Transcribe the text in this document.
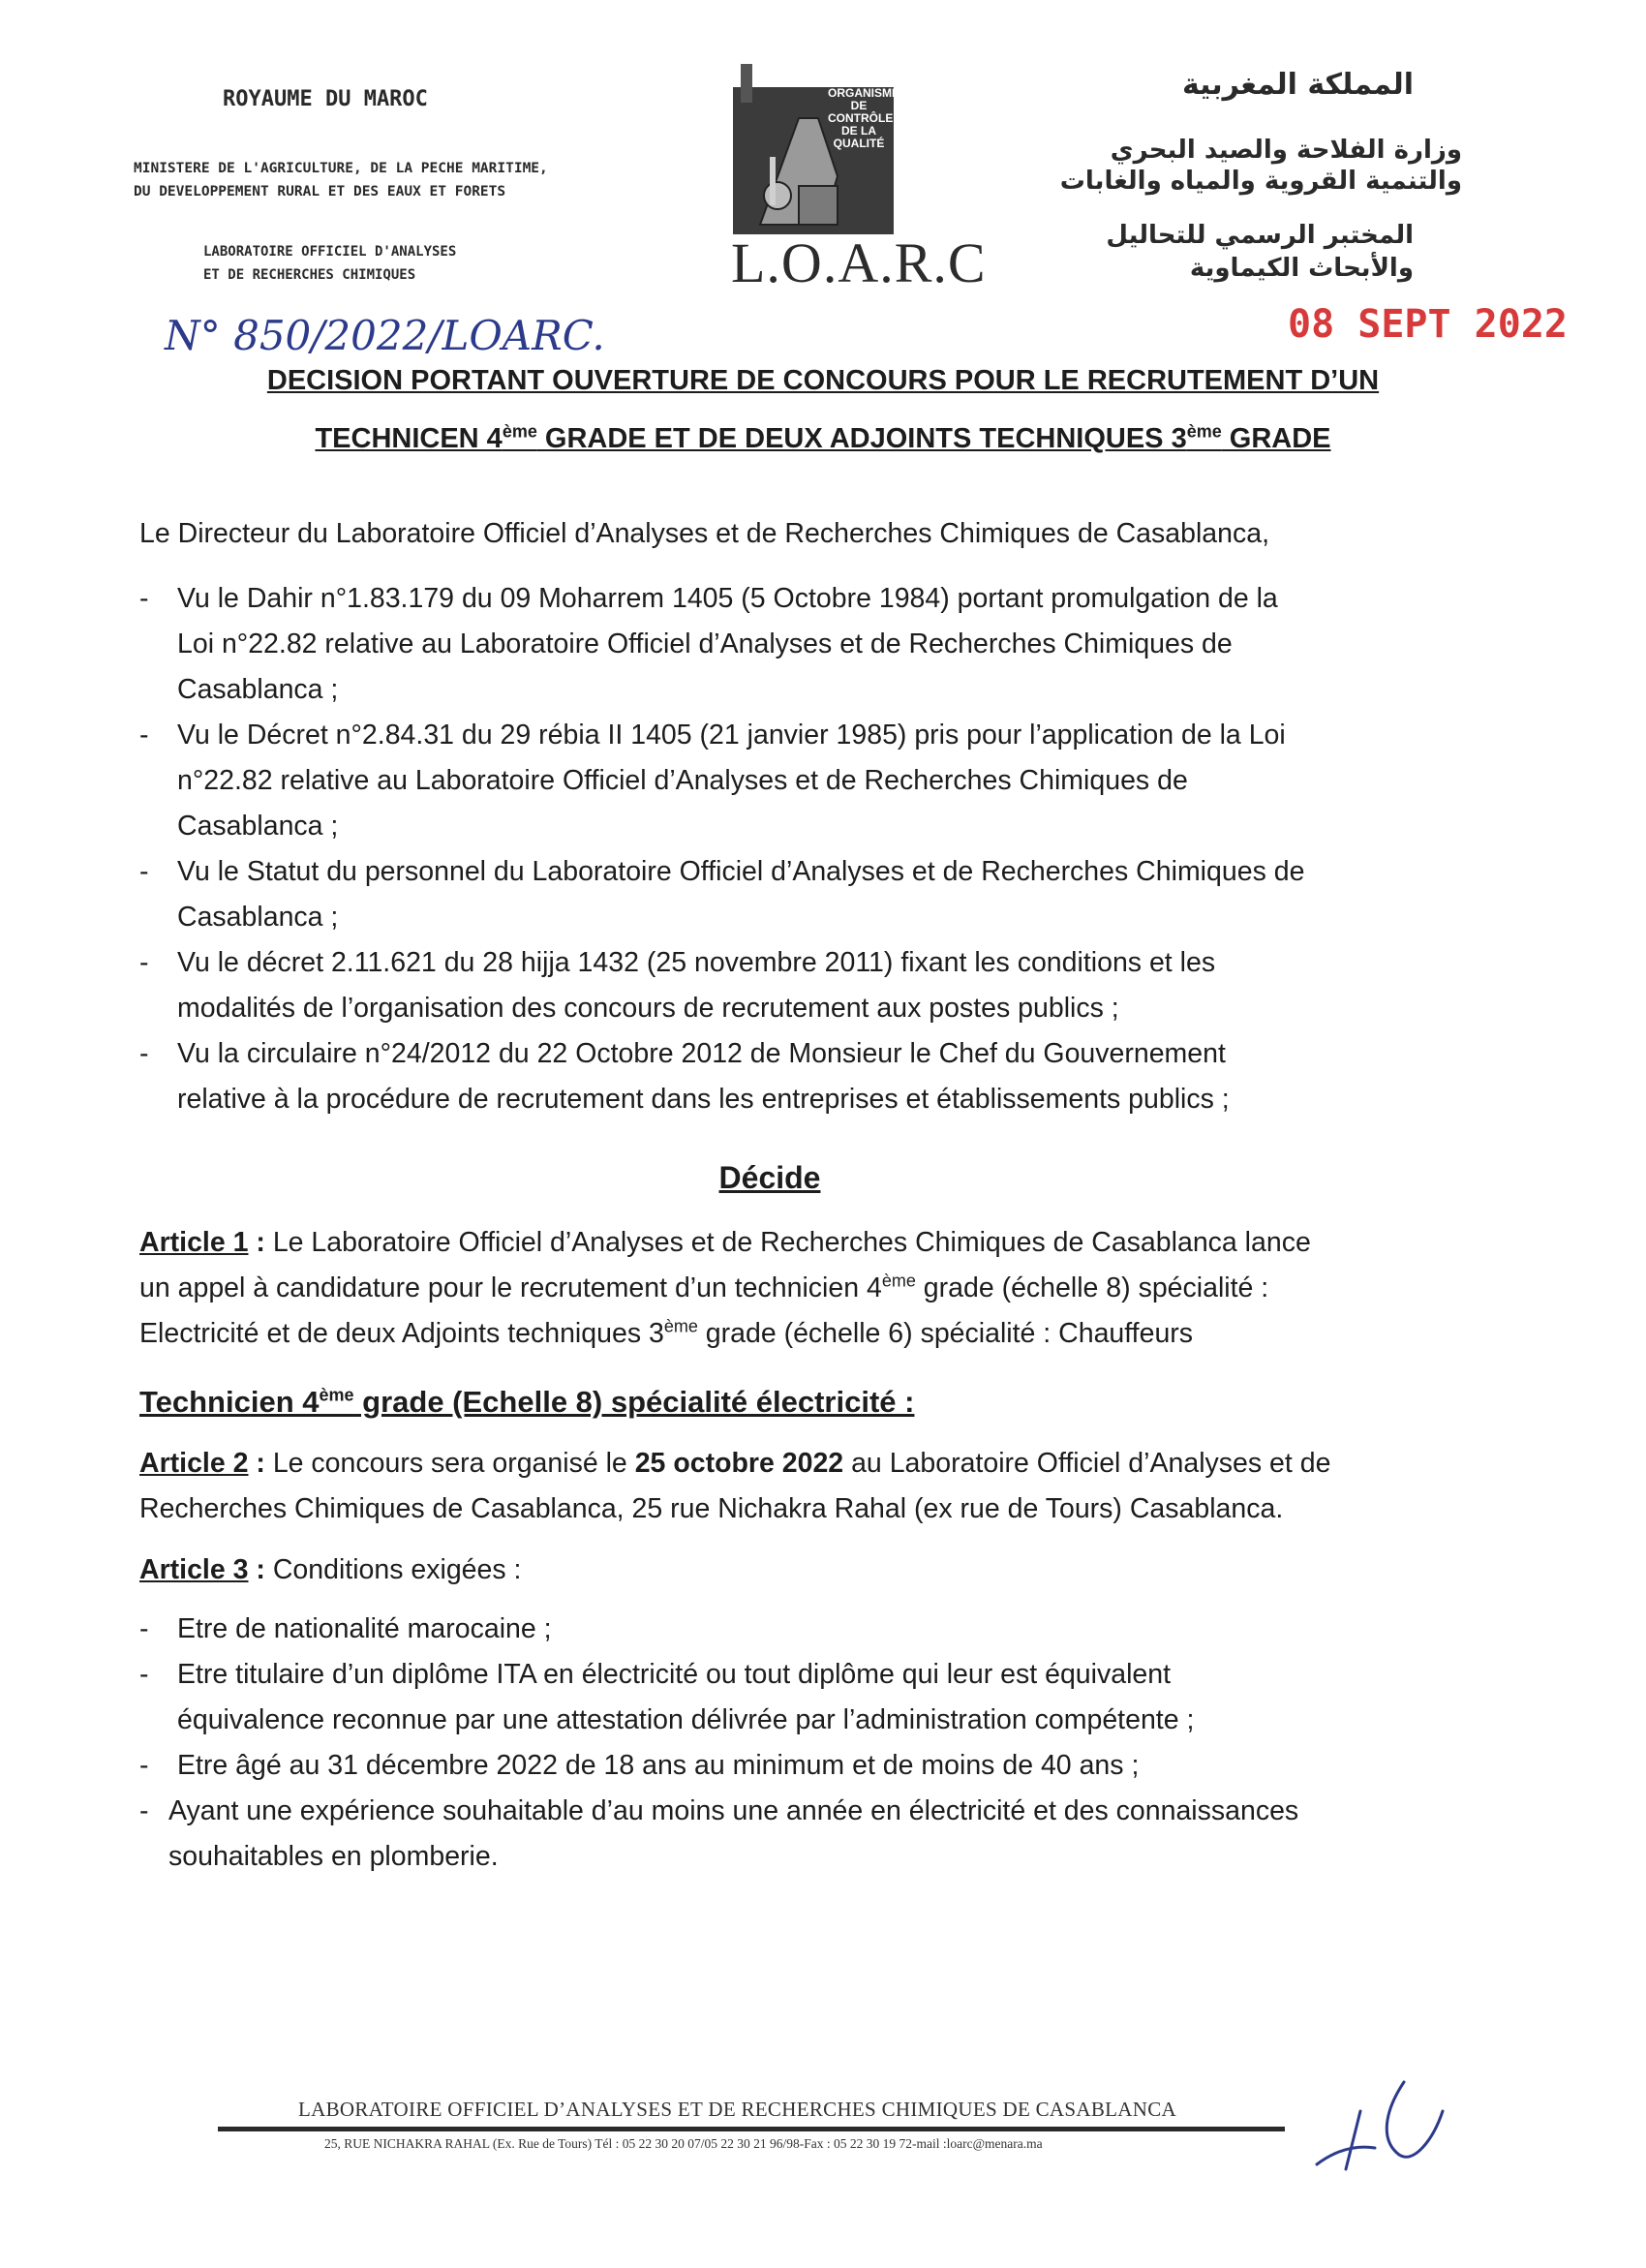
ROYAUME DU MAROC
MINISTERE DE L'AGRICULTURE, DE LA PECHE MARITIME,
DU DEVELOPPEMENT RURAL ET DES EAUX ET FORETS
LABORATOIRE OFFICIEL D'ANALYSES
ET DE RECHERCHES CHIMIQUES
ORGANISME DE CONTRÔLE DE LA QUALITÉ
L.O.A.R.C
المملكة المغربية
وزارة الفلاحة والصيد البحري
والتنمية القروية والمياه والغابات
المختبر الرسمي للتحاليل
والأبحاث الكيماوية
N° 850/2022/LOARC.	08 SEPT 2022
DECISION PORTANT OUVERTURE DE CONCOURS POUR LE RECRUTEMENT D’UN
TECHNICEN 4ème GRADE ET DE DEUX ADJOINTS TECHNIQUES 3ème GRADE
Le Directeur du Laboratoire Officiel d’Analyses et de Recherches Chimiques de Casablanca,
- Vu le Dahir n°1.83.179 du 09 Moharrem 1405 (5 Octobre 1984) portant promulgation de la
Loi n°22.82 relative au Laboratoire Officiel d’Analyses et de Recherches Chimiques de
Casablanca ;
- Vu le Décret n°2.84.31 du 29 rébia II 1405 (21 janvier 1985) pris pour l’application de la Loi
n°22.82 relative au Laboratoire Officiel d’Analyses et de Recherches Chimiques de
Casablanca ;
- Vu le Statut du personnel du Laboratoire Officiel d’Analyses et de Recherches Chimiques de
Casablanca ;
- Vu le décret 2.11.621 du 28 hijja 1432 (25 novembre 2011) fixant les conditions et les
modalités de l’organisation des concours de recrutement aux postes publics ;
- Vu la circulaire n°24/2012 du 22 Octobre 2012 de Monsieur le Chef du Gouvernement
relative à la procédure de recrutement dans les entreprises et établissements publics ;
Décide
Article 1 : Le Laboratoire Officiel d’Analyses et de Recherches Chimiques de Casablanca lance
un appel à candidature pour le recrutement d’un technicien 4ème grade (échelle 8) spécialité :
Electricité et de deux Adjoints techniques 3ème grade (échelle 6) spécialité : Chauffeurs
Technicien 4ème grade (Echelle 8) spécialité électricité :
Article 2 : Le concours sera organisé le 25 octobre 2022 au Laboratoire Officiel d’Analyses et de
Recherches Chimiques de Casablanca, 25 rue Nichakra Rahal (ex rue de Tours) Casablanca.
Article 3 : Conditions exigées :
- Etre de nationalité marocaine ;
- Etre titulaire d’un diplôme ITA en électricité ou tout diplôme qui leur est équivalent
équivalence reconnue par une attestation délivrée par l’administration compétente ;
- Etre âgé au 31 décembre 2022 de 18 ans au minimum et de moins de 40 ans ;
- Ayant une expérience souhaitable d’au moins une année en électricité et des connaissances
souhaitables en plomberie.
LABORATOIRE OFFICIEL D’ANALYSES ET DE RECHERCHES CHIMIQUES DE CASABLANCA
25, RUE NICHAKRA RAHAL (Ex. Rue de Tours) Tél : 05 22 30 20 07/05 22 30 21 96/98-Fax : 05 22 30 19 72-mail :loarc@menara.ma
